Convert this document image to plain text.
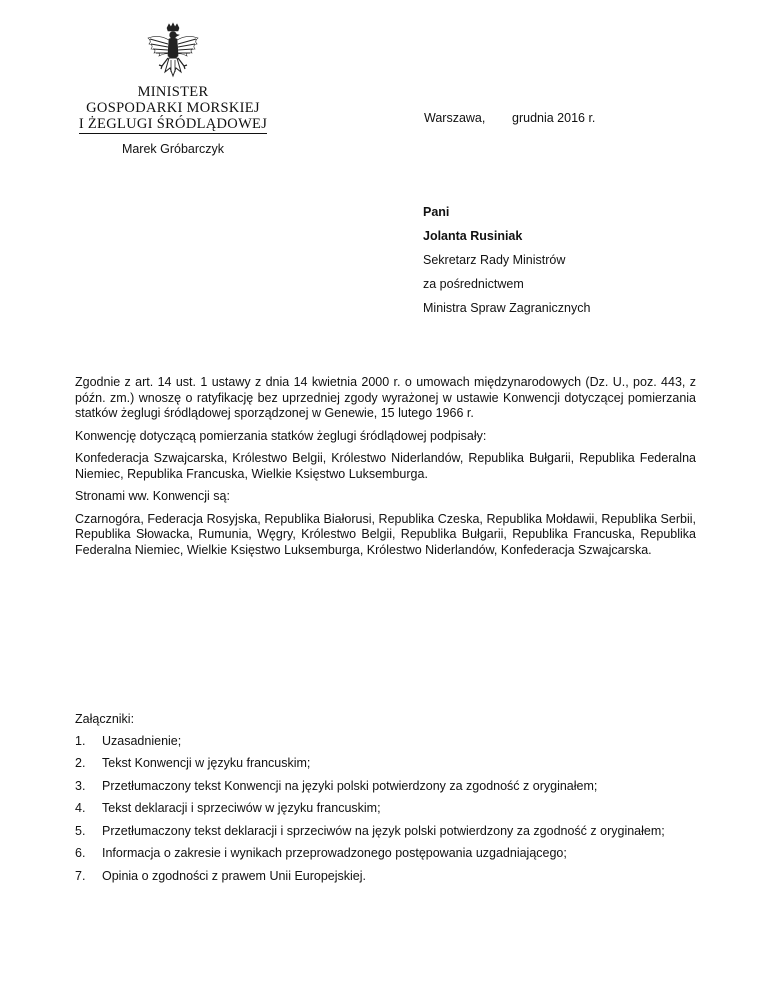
MINISTER
GOSPODARKI MORSKIEJ
I ŻEGLUGI ŚRÓDLĄDOWEJ
Marek Gróbarczyk
Warszawa, grudnia 2016 r.
Pani
Jolanta Rusiniak
Sekretarz Rady Ministrów
za pośrednictwem
Ministra Spraw Zagranicznych

Zgodnie z art. 14 ust. 1 ustawy z dnia 14 kwietnia 2000 r. o umowach międzynarodowych (Dz. U., poz. 443, z późn. zm.) wnoszę o ratyfikację bez uprzedniej zgody wyrażonej w ustawie Konwencji dotyczącej pomierzania statków żeglugi śródlądowej sporządzonej w Genewie, 15 lutego 1966 r.

Konwencję dotyczącą pomierzania statków żeglugi śródlądowej podpisały:

Konfederacja Szwajcarska, Królestwo Belgii, Królestwo Niderlandów, Republika Bułgarii, Republika Federalna Niemiec, Republika Francuska, Wielkie Księstwo Luksemburga.

Stronami ww. Konwencji są:

Czarnogóra, Federacja Rosyjska, Republika Białorusi, Republika Czeska, Republika Mołdawii, Republika Serbii, Republika Słowacka, Rumunia, Węgry, Królestwo Belgii, Republika Bułgarii, Republika Francuska, Republika Federalna Niemiec, Wielkie Księstwo Luksemburga, Królestwo Niderlandów, Konfederacja Szwajcarska.

Załączniki:
1.	Uzasadnienie;
2.	Tekst Konwencji w języku francuskim;
3.	Przetłumaczony tekst Konwencji na języki polski potwierdzony za zgodność z oryginałem;
4.	Tekst deklaracji i sprzeciwów w języku francuskim;
5.	Przetłumaczony tekst deklaracji i sprzeciwów na język polski potwierdzony za zgodność z oryginałem;
6.	Informacja o zakresie i wynikach przeprowadzonego postępowania uzgadniającego;
7.	Opinia o zgodności z prawem Unii Europejskiej.
